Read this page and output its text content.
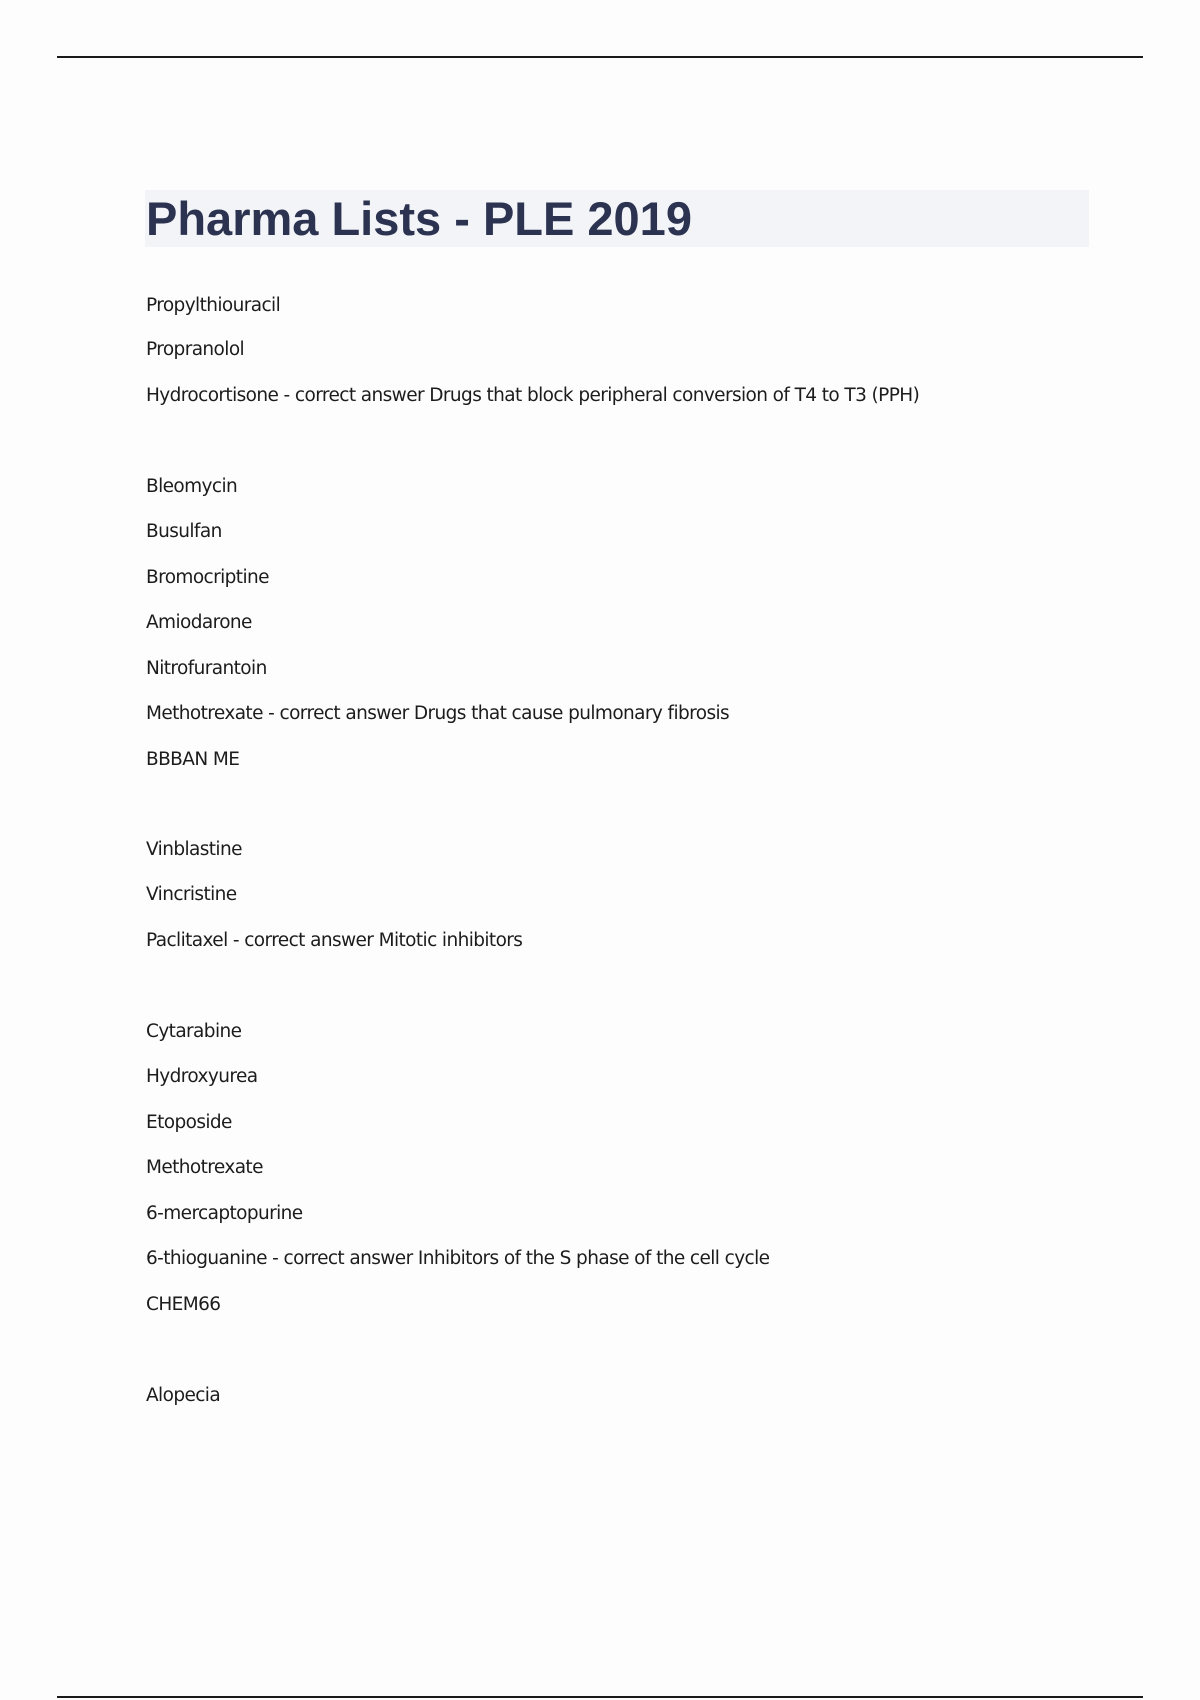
Pharma Lists - PLE 2019
Propylthiouracil
Propranolol
Hydrocortisone - correct answer Drugs that block peripheral conversion of T4 to T3 (PPH)
Bleomycin
Busulfan
Bromocriptine
Amiodarone
Nitrofurantoin
Methotrexate - correct answer Drugs that cause pulmonary fibrosis
BBBAN ME
Vinblastine
Vincristine
Paclitaxel - correct answer Mitotic inhibitors
Cytarabine
Hydroxyurea
Etoposide
Methotrexate
6-mercaptopurine
6-thioguanine - correct answer Inhibitors of the S phase of the cell cycle
CHEM66
Alopecia
